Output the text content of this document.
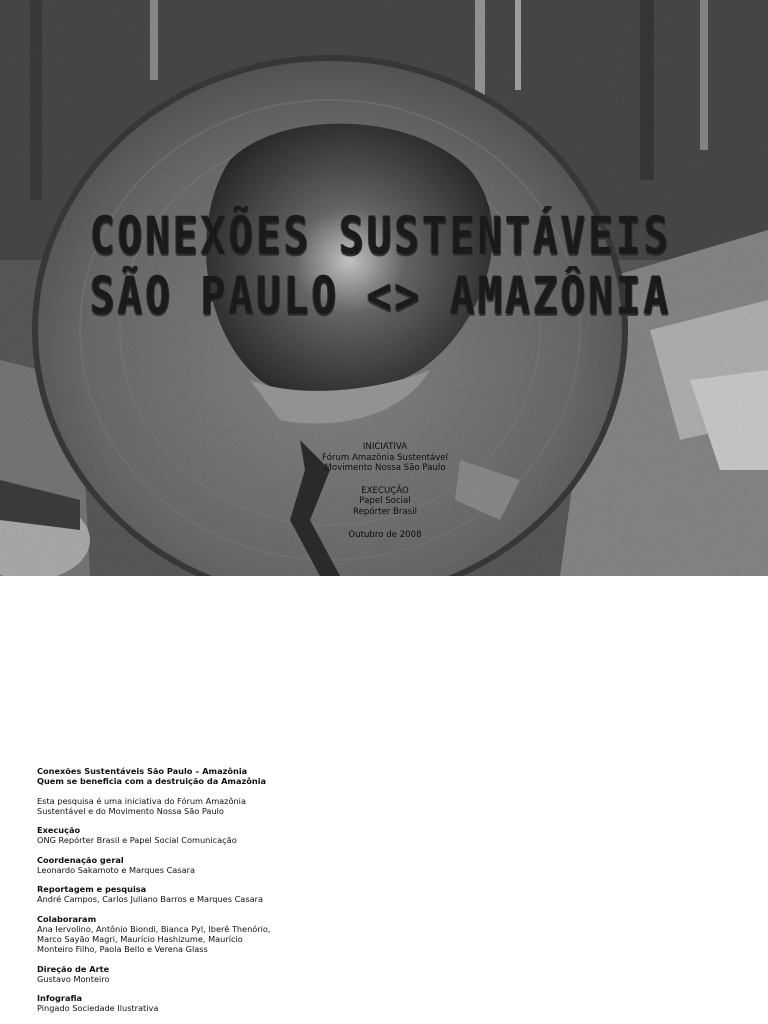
CONEXÕES SUSTENTÁVEIS
SÃO PAULO <> AMAZÔNIA
INICIATIVA
Fórum Amazônia Sustentável
Movimento Nossa São Paulo
EXECUÇÃO
Papel Social
Repórter Brasil
Outubro de 2008

Conexões Sustentáveis São Paulo – Amazônia

Quem se beneficia com a destruição da Amazônia

Esta pesquisa é uma iniciativa do Fórum Amazônia

Sustentável e do Movimento Nossa São Paulo

Execução

ONG Repórter Brasil e Papel Social Comunicação

Coordenação geral

Leonardo Sakamoto e Marques Casara

Reportagem e pesquisa

André Campos, Carlos Juliano Barros e Marques Casara

Colaboraram

Ana Iervolino, Antônio Biondi, Bianca Pyl, Iberê Thenório,

Marco Sayão Magri, Maurício Hashizume, Maurício

Monteiro Filho, Paola Bello e Verena Glass

Direção de Arte

Gustavo Monteiro

Infografia

Pingado Sociedade Ilustrativa
